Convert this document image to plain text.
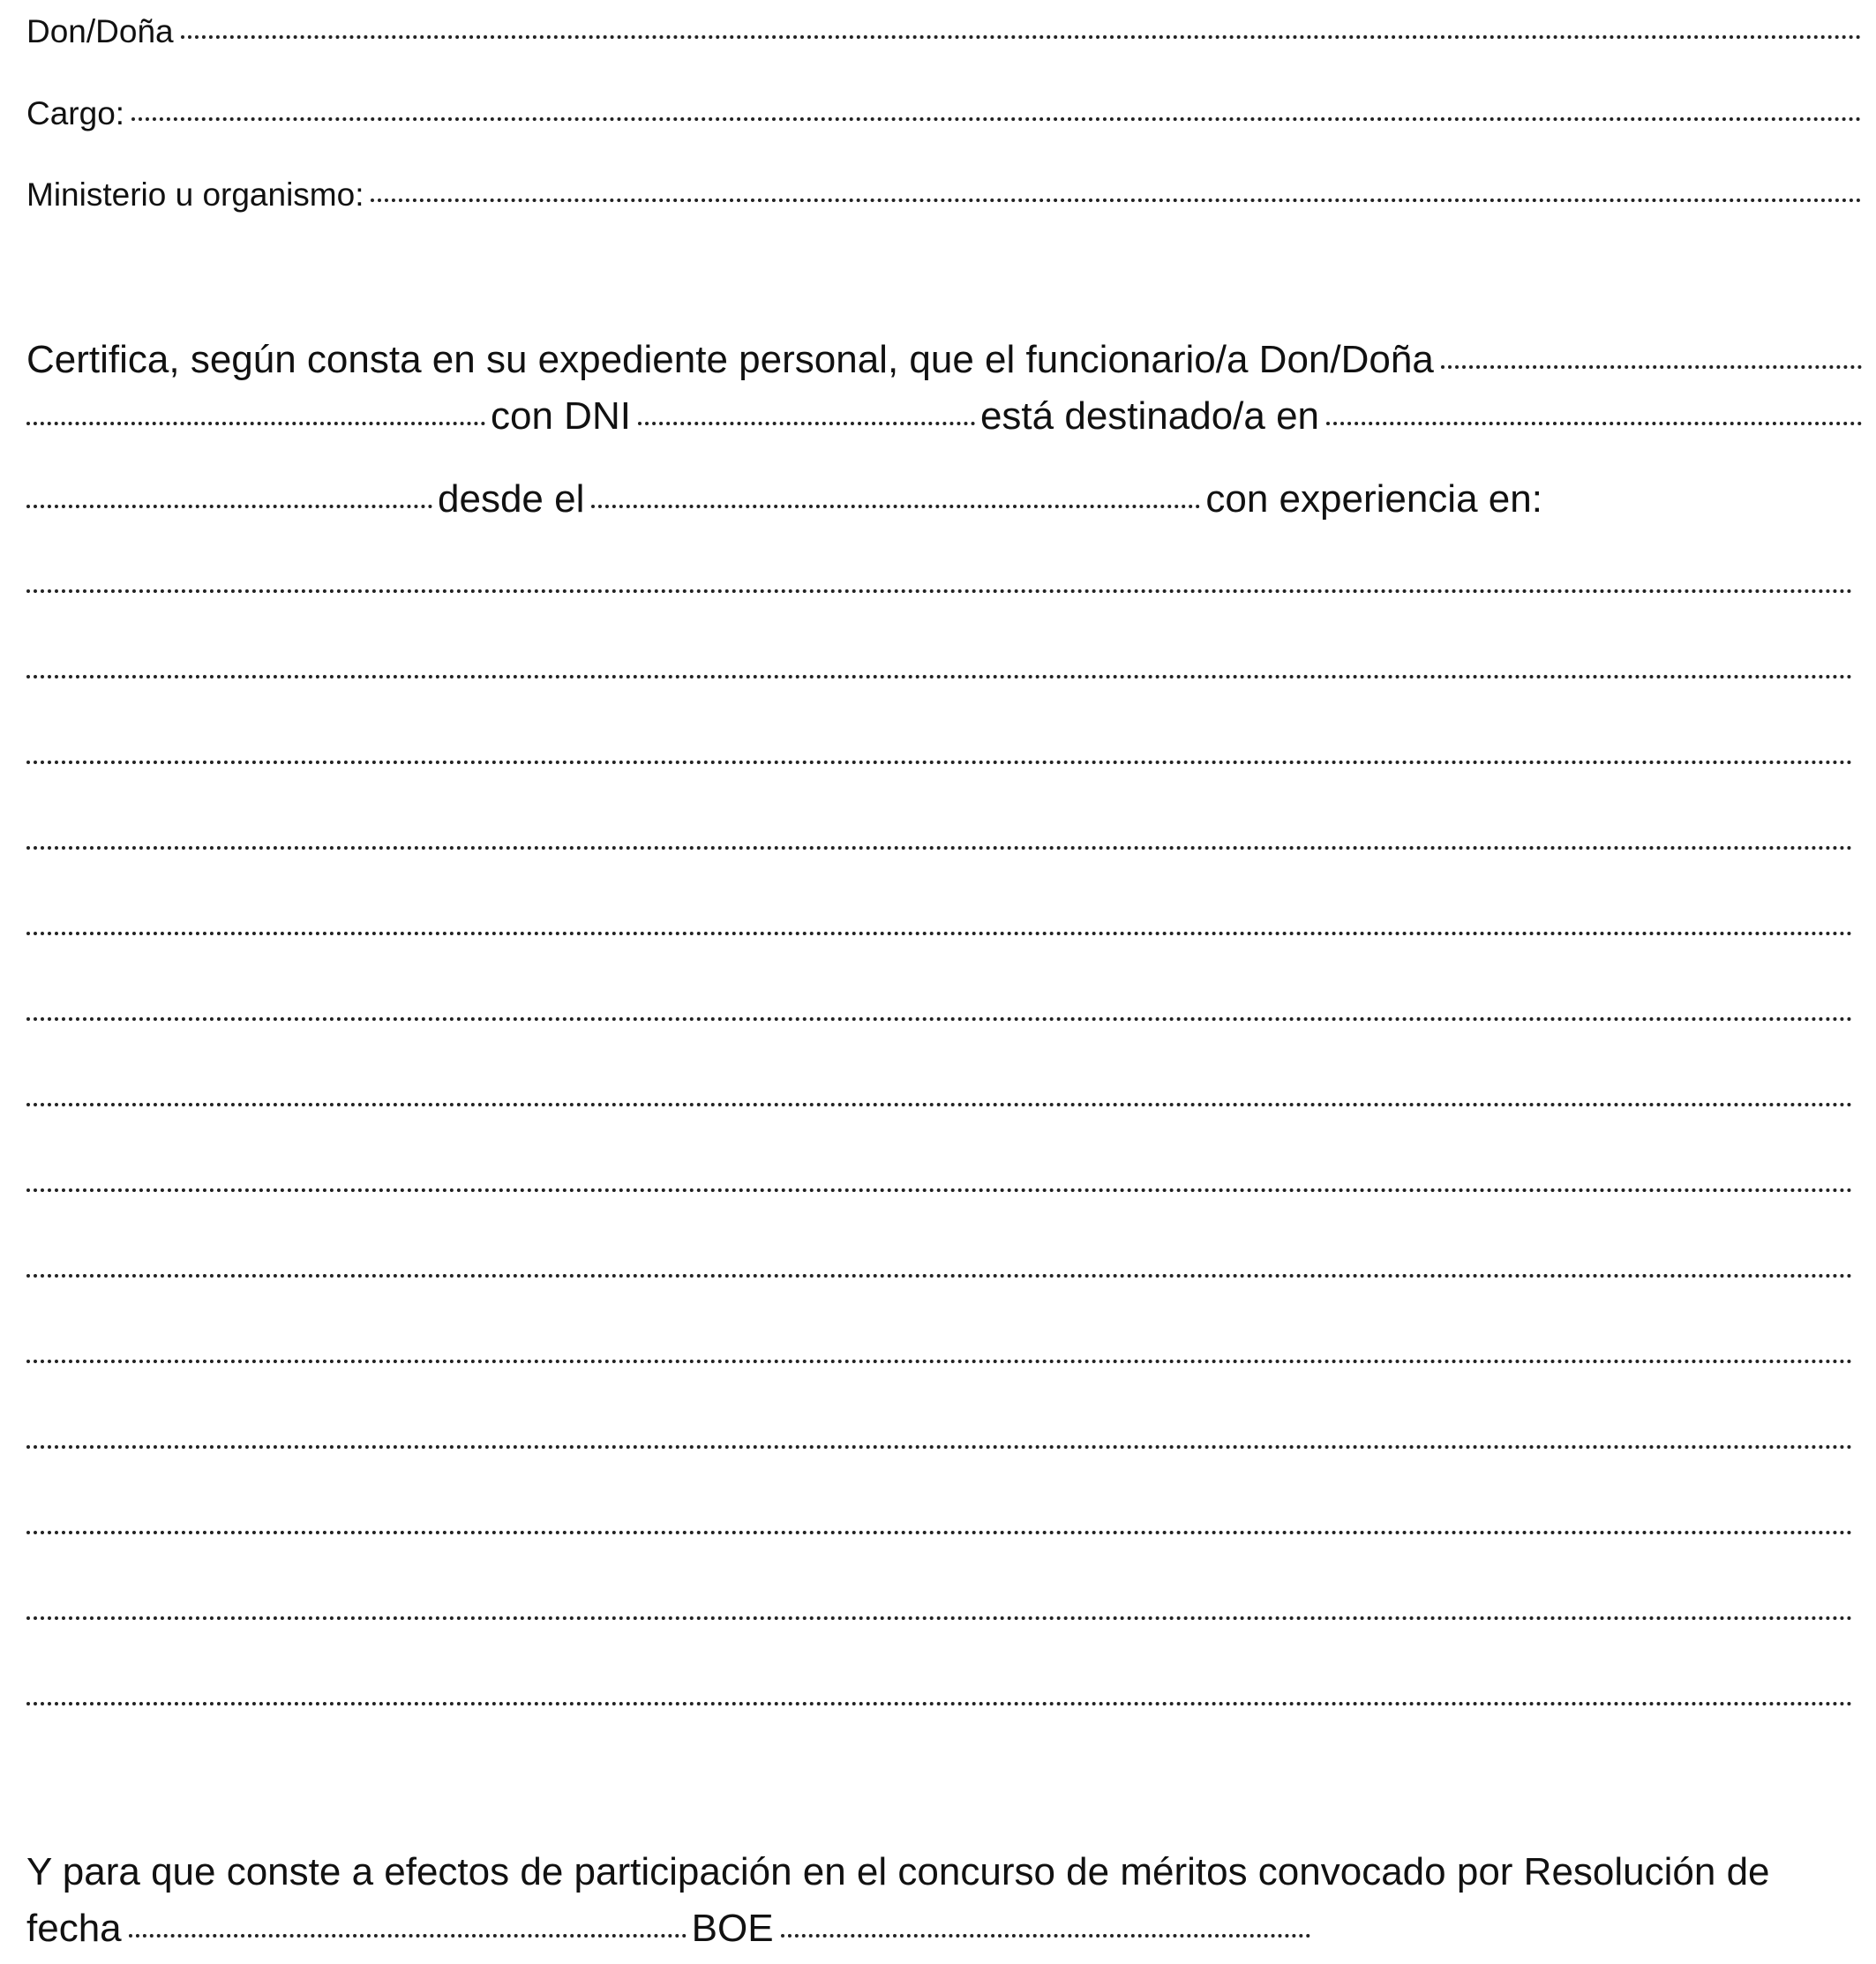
Don/Doña
Cargo:
Ministerio u organismo:
Certifica, según consta en su expediente personal, que el funcionario/a Don/Doña
con DNI	está destinado/a en
desde el	con experiencia en:
Y para que conste a efectos de participación en el concurso de méritos convocado por Resolución de
fecha	BOE
